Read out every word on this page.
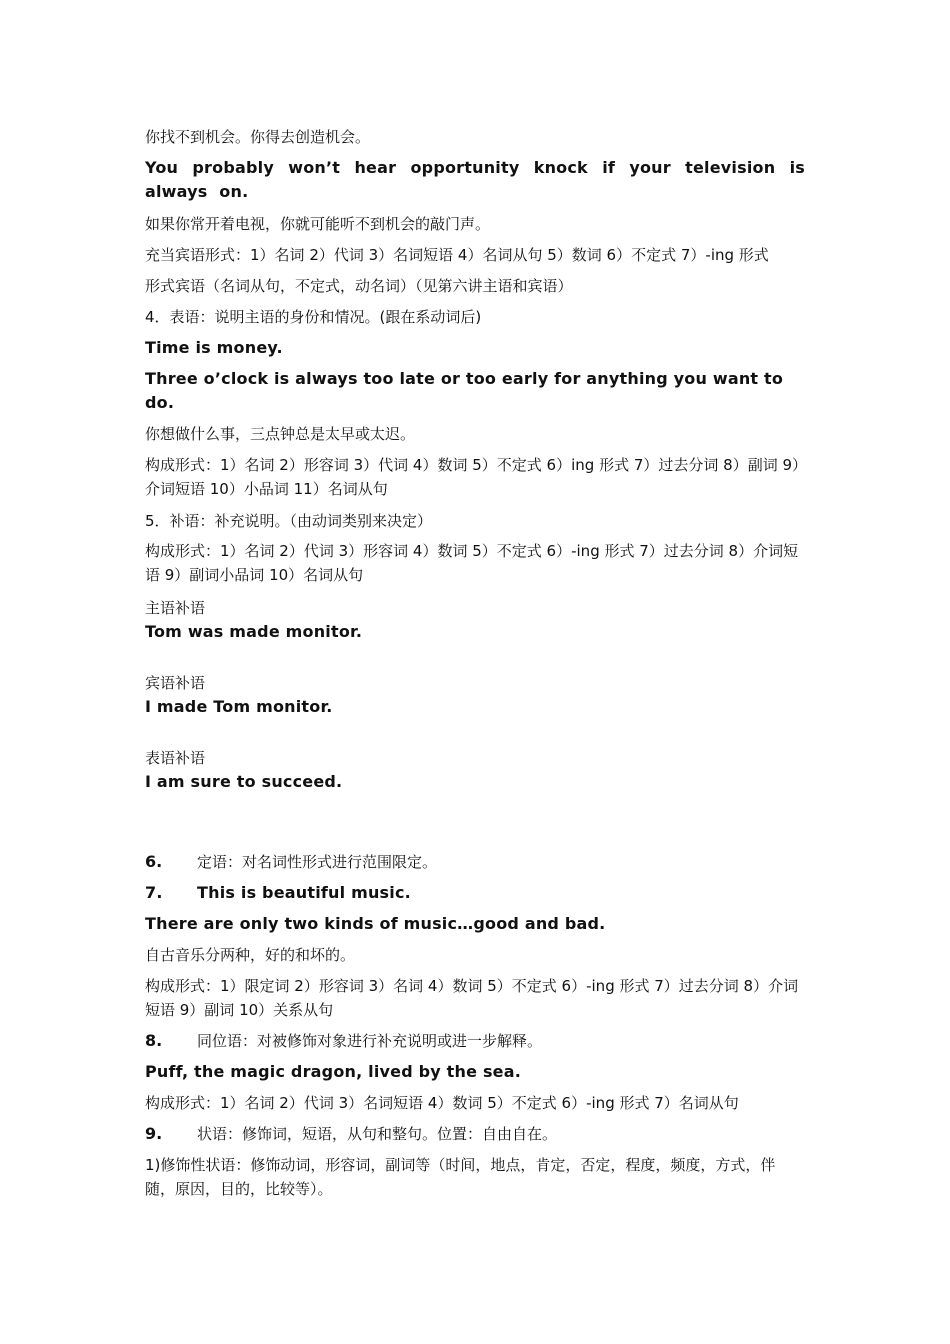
你找不到机会。你得去创造机会。
You probably won’t hear opportunity knock if your television is always on.
如果你常开着电视，你就可能听不到机会的敲门声。
充当宾语形式：1）名词 2）代词 3）名词短语 4）名词从句 5）数词 6）不定式 7）-ing 形式
形式宾语（名词从句，不定式，动名词）（见第六讲主语和宾语）
4．表语：说明主语的身份和情况。(跟在系动词后)
Time is money.
Three o’clock is always too late or too early for anything you want to do.
你想做什么事，三点钟总是太早或太迟。
构成形式：1）名词 2）形容词 3）代词 4）数词 5）不定式 6）ing 形式 7）过去分词 8）副词 9）介词短语 10）小品词 11）名词从句
5．补语：补充说明。（由动词类别来决定）
构成形式：1）名词 2）代词 3）形容词 4）数词 5）不定式 6）-ing 形式 7）过去分词 8）介词短语 9）副词小品词 10）名词从句
主语补语
Tom was made monitor.
宾语补语
I made Tom monitor.
表语补语
I am sure to succeed.
6. 定语：对名词性形式进行范围限定。
7. This is beautiful music.
There are only two kinds of music…good and bad.
自古音乐分两种，好的和坏的。
构成形式：1）限定词 2）形容词 3）名词 4）数词 5）不定式 6）-ing 形式 7）过去分词 8）介词短语 9）副词 10）关系从句
8. 同位语：对被修饰对象进行补充说明或进一步解释。
Puff, the magic dragon, lived by the sea.
构成形式：1）名词 2）代词 3）名词短语 4）数词 5）不定式 6）-ing 形式 7）名词从句
9. 状语：修饰词，短语，从句和整句。位置：自由自在。
1)修饰性状语：修饰动词，形容词，副词等（时间，地点，肯定，否定，程度，频度，方式，伴随，原因，目的，比较等）。
